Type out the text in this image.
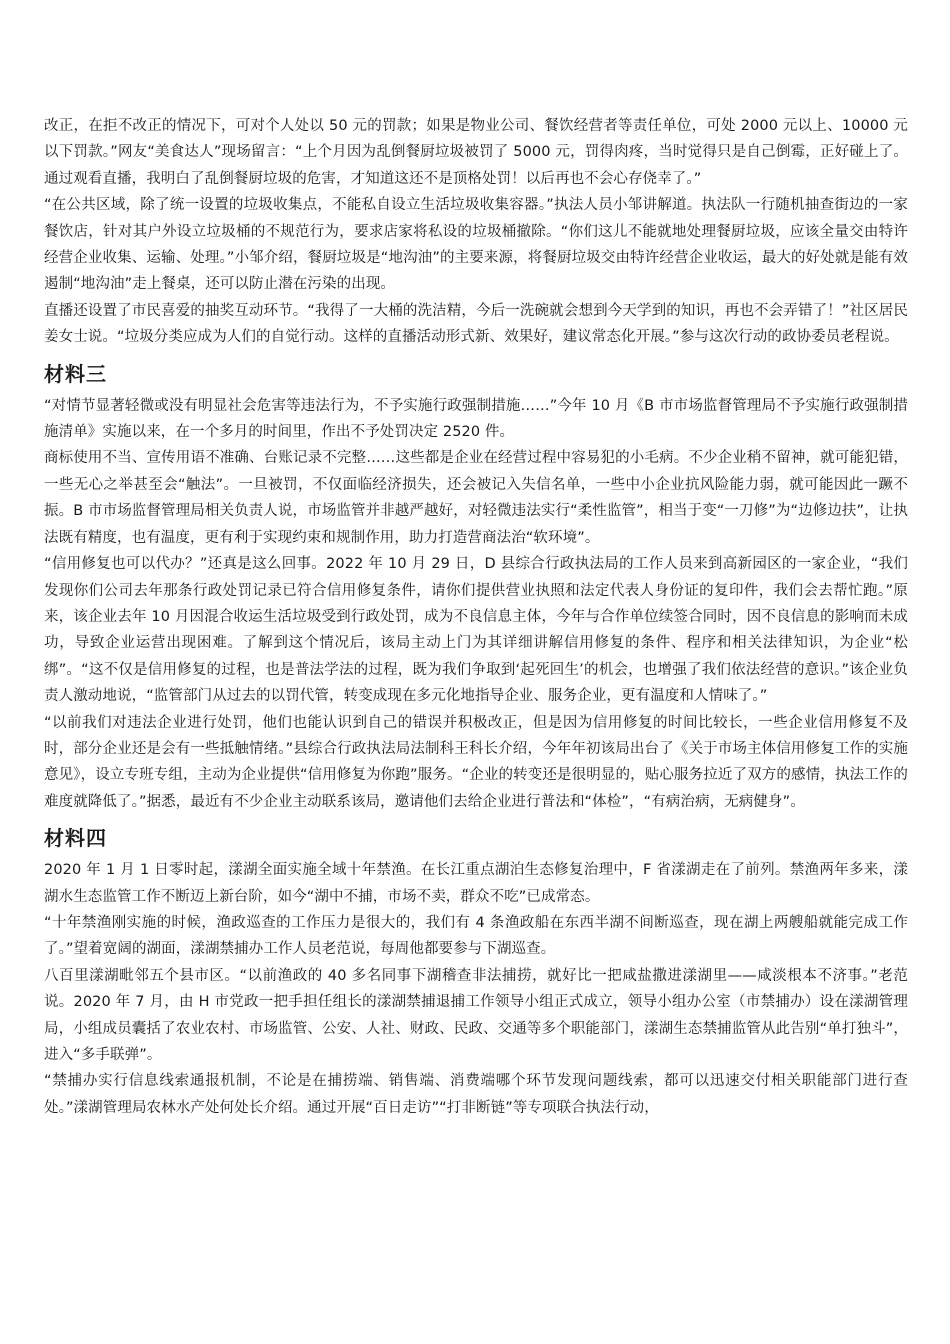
改正，在拒不改正的情况下，可对个人处以 50 元的罚款；如果是物业公司、餐饮经营者等责任单位，可处 2000 元以上、10000 元以下罚款。”网友“美食达人”现场留言：“上个月因为乱倒餐厨垃圾被罚了 5000 元，罚得肉疼，当时觉得只是自己倒霉，正好碰上了。通过观看直播，我明白了乱倒餐厨垃圾的危害，才知道这还不是顶格处罚！以后再也不会心存侥幸了。”

“在公共区域，除了统一设置的垃圾收集点，不能私自设立生活垃圾收集容器。”执法人员小邹讲解道。执法队一行随机抽查街边的一家餐饮店，针对其户外设立垃圾桶的不规范行为，要求店家将私设的垃圾桶撤除。“你们这儿不能就地处理餐厨垃圾，应该全量交由特许经营企业收集、运输、处理。”小邹介绍，餐厨垃圾是“地沟油”的主要来源，将餐厨垃圾交由特许经营企业收运，最大的好处就是能有效遏制“地沟油”走上餐桌，还可以防止潜在污染的出现。

直播还设置了市民喜爱的抽奖互动环节。“我得了一大桶的洗洁精，今后一洗碗就会想到今天学到的知识，再也不会弄错了！”社区居民姜女士说。“垃圾分类应成为人们的自觉行动。这样的直播活动形式新、效果好，建议常态化开展。”参与这次行动的政协委员老程说。

材料三

“对情节显著轻微或没有明显社会危害等违法行为，不予实施行政强制措施……”今年 10 月《B 市市场监督管理局不予实施行政强制措施清单》实施以来，在一个多月的时间里，作出不予处罚决定 2520 件。

商标使用不当、宣传用语不准确、台账记录不完整……这些都是企业在经营过程中容易犯的小毛病。不少企业稍不留神，就可能犯错，一些无心之举甚至会“触法”。一旦被罚，不仅面临经济损失，还会被记入失信名单，一些中小企业抗风险能力弱，就可能因此一蹶不振。B 市市场监督管理局相关负责人说，市场监管并非越严越好，对轻微违法实行“柔性监管”，相当于变“一刀修”为“边修边扶”，让执法既有精度，也有温度，更有利于实现约束和规制作用，助力打造营商法治“软环境”。

“信用修复也可以代办？”还真是这么回事。2022 年 10 月 29 日，D 县综合行政执法局的工作人员来到高新园区的一家企业，“我们发现你们公司去年那条行政处罚记录已符合信用修复条件，请你们提供营业执照和法定代表人身份证的复印件，我们会去帮忙跑。”原来，该企业去年 10 月因混合收运生活垃圾受到行政处罚，成为不良信息主体，今年与合作单位续签合同时，因不良信息的影响而未成功，导致企业运营出现困难。了解到这个情况后，该局主动上门为其详细讲解信用修复的条件、程序和相关法律知识，为企业“松绑”。“这不仅是信用修复的过程，也是普法学法的过程，既为我们争取到‘起死回生’的机会，也增强了我们依法经营的意识。”该企业负责人激动地说，“监管部门从过去的以罚代管，转变成现在多元化地指导企业、服务企业，更有温度和人情味了。”

“以前我们对违法企业进行处罚，他们也能认识到自己的错误并积极改正，但是因为信用修复的时间比较长，一些企业信用修复不及时，部分企业还是会有一些抵触情绪。”县综合行政执法局法制科王科长介绍，今年年初该局出台了《关于市场主体信用修复工作的实施意见》，设立专班专组，主动为企业提供“信用修复为你跑”服务。“企业的转变还是很明显的，贴心服务拉近了双方的感情，执法工作的难度就降低了。”据悉，最近有不少企业主动联系该局，邀请他们去给企业进行普法和“体检”，“有病治病，无病健身”。

材料四

2020 年 1 月 1 日零时起，漾湖全面实施全域十年禁渔。在长江重点湖泊生态修复治理中，F 省漾湖走在了前列。禁渔两年多来，漾湖水生态监管工作不断迈上新台阶，如今“湖中不捕，市场不卖，群众不吃”已成常态。

“十年禁渔刚实施的时候，渔政巡查的工作压力是很大的，我们有 4 条渔政船在东西半湖不间断巡查，现在湖上两艘船就能完成工作了。”望着宽阔的湖面，漾湖禁捕办工作人员老范说，每周他都要参与下湖巡查。

八百里漾湖毗邻五个县市区。“以前渔政的 40 多名同事下湖稽查非法捕捞，就好比一把咸盐撒进漾湖里——咸淡根本不济事。”老范说。2020 年 7 月，由 H 市党政一把手担任组长的漾湖禁捕退捕工作领导小组正式成立，领导小组办公室（市禁捕办）设在漾湖管理局，小组成员囊括了农业农村、市场监管、公安、人社、财政、民政、交通等多个职能部门，漾湖生态禁捕监管从此告别“单打独斗”，进入“多手联弹”。

“禁捕办实行信息线索通报机制，不论是在捕捞端、销售端、消费端哪个环节发现问题线索，都可以迅速交付相关职能部门进行查处。”漾湖管理局农林水产处何处长介绍。通过开展“百日走访”“打非断链”等专项联合执法行动，
